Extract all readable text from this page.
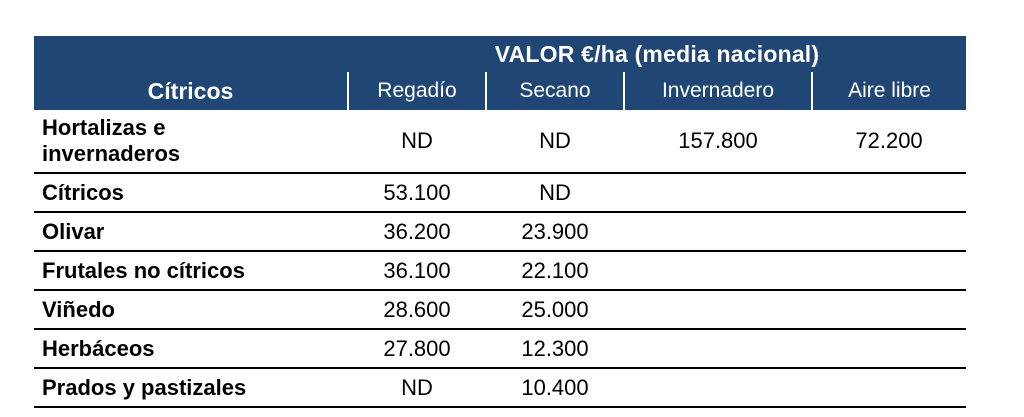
	VALOR €/ha (media nacional)			
Cítricos	Regadío	Secano	Invernadero	Aire libre

Hortalizas e
invernaderos	ND	ND	157.800	72.200
Cítricos	53.100	ND		
Olivar	36.200	23.900		
Frutales no cítricos	36.100	22.100		
Viñedo	28.600	25.000		
Herbáceos	27.800	12.300		
Prados y pastizales	ND	10.400		
